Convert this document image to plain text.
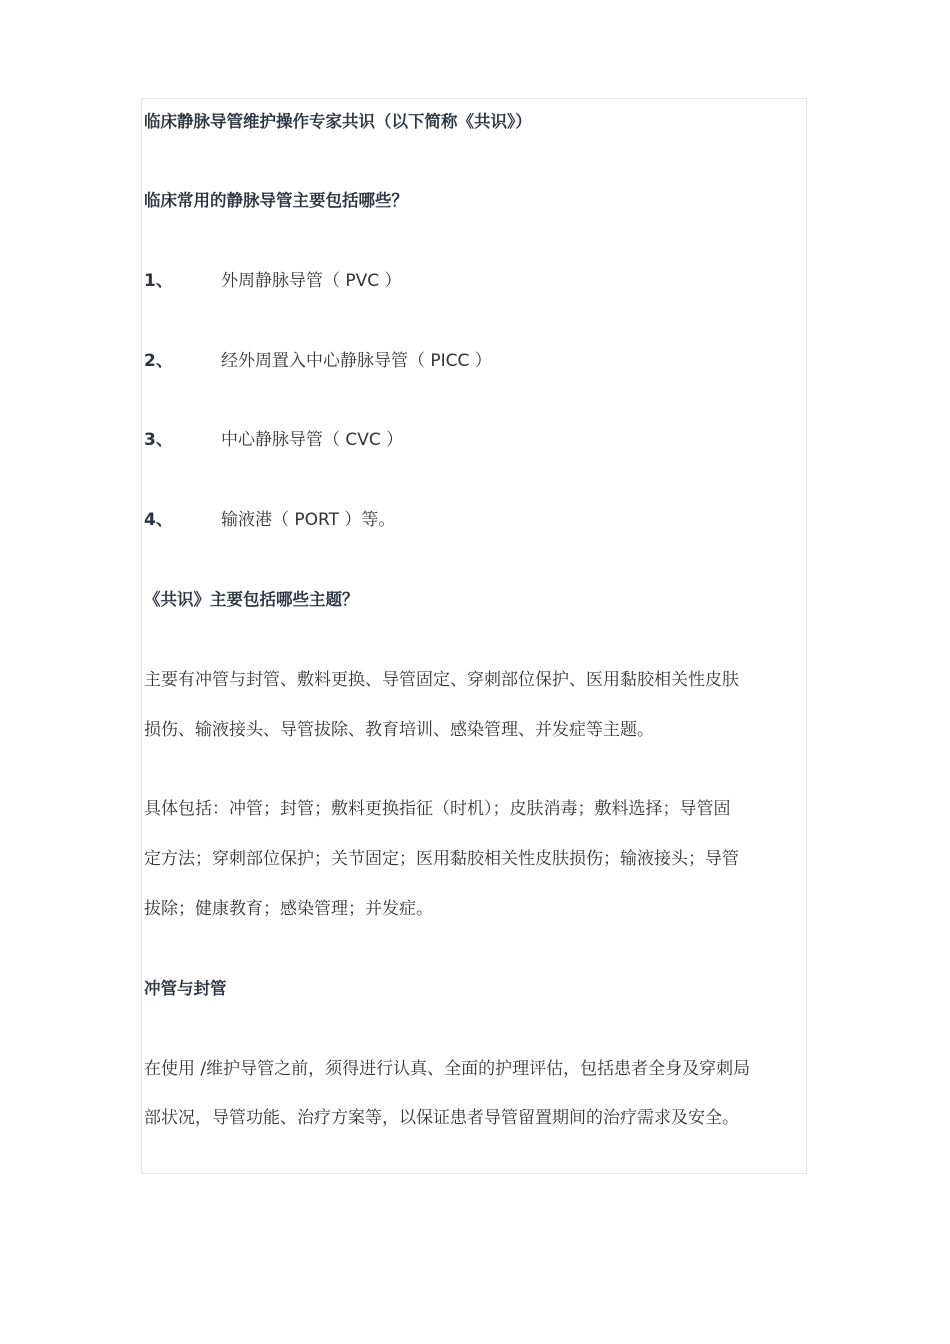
临床静脉导管维护操作专家共识（以下简称《共识》）
临床常用的静脉导管主要包括哪些？
1、	外周静脉导管（ PVC ）
2、	经外周置入中心静脉导管（ PICC ）
3、	中心静脉导管（ CVC ）
4、	输液港（ PORT ）等。
《共识》主要包括哪些主题？
主要有冲管与封管、敷料更换、导管固定、穿刺部位保护、医用黏胶相关性皮肤
损伤、输液接头、导管拔除、教育培训、感染管理、并发症等主题。
具体包括：冲管；封管；敷料更换指征（时机）；皮肤消毒；敷料选择；导管固
定方法；穿刺部位保护；关节固定；医用黏胶相关性皮肤损伤；输液接头；导管
拔除；健康教育；感染管理；并发症。
冲管与封管
在使用 /维护导管之前，须得进行认真、全面的护理评估，包括患者全身及穿刺局
部状况，导管功能、治疗方案等，以保证患者导管留置期间的治疗需求及安全。
